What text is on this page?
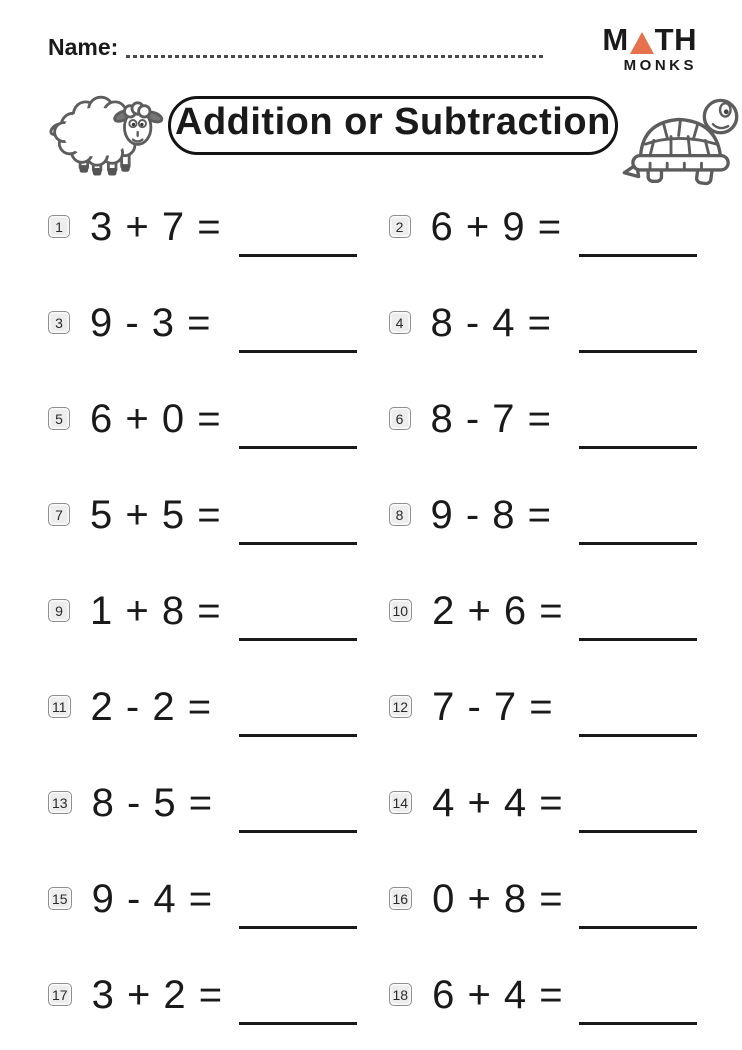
Name:	M TH
MONKS
Addition or Subtraction
1 3 + 7 =	2 6 + 9 =
3 9 - 3 =	4 8 - 4 =
5 6 + 0 =	6 8 - 7 =
7 5 + 5 =	8 9 - 8 =
9 1 + 8 =	10 2 + 6 =
11 2 - 2 =	12 7 - 7 =
13 8 - 5 =	14 4 + 4 =
15 9 - 4 =	16 0 + 8 =
17 3 + 2 =	18 6 + 4 =
